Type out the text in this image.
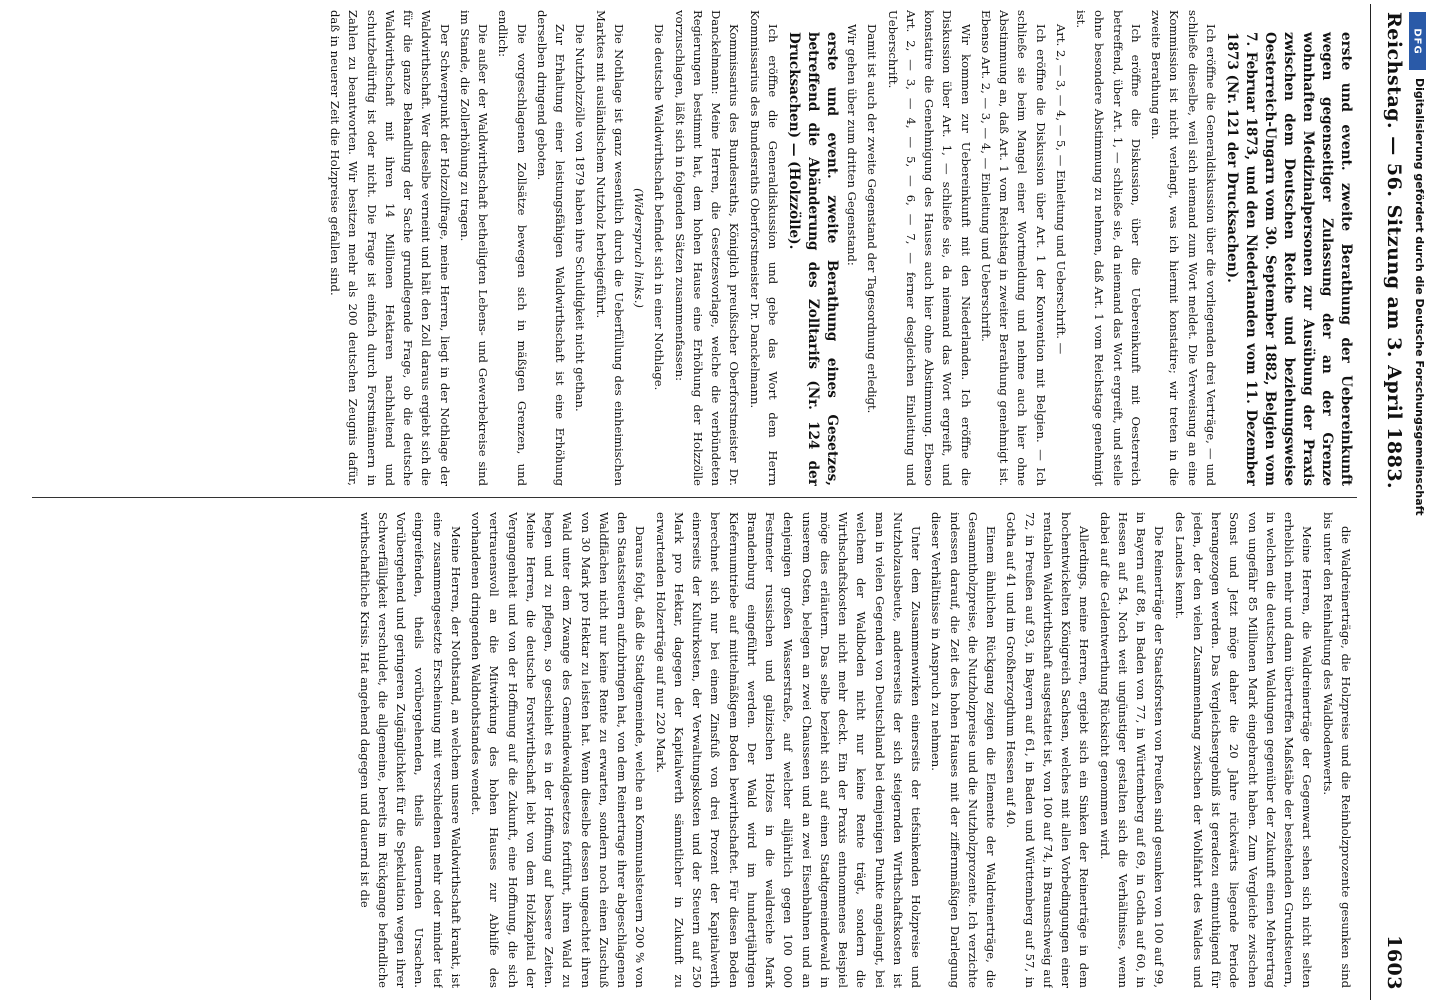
Reichstag. — 56. Sitzung am 3. April 1883.
1603

erste und event. zweite Berathung der Uebereinkunft wegen gegenseitiger Zulassung der an der Grenze wohnhaften Medizinalpersonen zur Ausübung der Praxis zwischen dem Deutschen Reiche und beziehungsweise Oesterreich-Ungarn vom 30. September 1882, Belgien vom 7. Februar 1873, und den Niederlanden vom 11. Dezember 1873 (Nr. 121 der Drucksachen).

Ich eröffne die Generaldiskussion über die vorliegenden drei Verträge, — und schließe dieselbe, weil sich niemand zum Wort meldet. Die Verweisung an eine Kommission ist nicht verlangt, was ich hiermit konstatire; wir treten in die zweite Berathung ein.

Ich eröffne die Diskussion, über die Uebereinkunft mit Oesterreich betreffend, über Art. 1, — schließe sie, da niemand das Wort ergreift, und stelle ohne besondere Abstimmung zu nehmen, daß Art. 1 vom Reichstage genehmigt ist.

Art. 2, — 3, — 4, — 5, — Einleitung und Ueberschrift. —

Ich eröffne die Diskussion über Art. 1 der Konvention mit Belgien. — Ich schließe sie beim Mangel einer Wortmeldung und nehme auch hier ohne Abstimmung an, daß Art. 1 vom Reichstag in zweiter Berathung genehmigt ist. Ebenso Art. 2, — 3, — 4, — Einleitung und Ueberschrift.

Wir kommen zur Uebereinkunft mit den Niederlanden. Ich eröffne die Diskussion über Art. 1, — schließe sie, da niemand das Wort ergreift, und konstatire die Genehmigung des Hauses auch hier ohne Abstimmung. Ebenso Art. 2, — 3, — 4, — 5, — 6, — 7, — ferner desgleichen Einleitung und Ueberschrift.

Damit ist auch der zweite Gegenstand der Tagesordnung erledigt.

Wir gehen über zum dritten Gegenstand:

erste und event. zweite Berathung eines Gesetzes, betreffend die Abänderung des Zolltarifs (Nr. 124 der Drucksachen) — (Holzzölle).

Ich eröffne die Generaldiskussion und gebe das Wort dem Herrn Kommissarius des Bundesraths Oberforstmeister Dr. Danckelmann.

Kommissarius des Bundesraths, Königlich preußischer Oberforstmeister Dr. Danckelmann: Meine Herren, die Gesetzesvorlage, welche die verbündeten Regierungen bestimmt hat, dem hohen Hause eine Erhöhung der Holzzölle vorzuschlagen, läßt sich in folgenden Sätzen zusammenfassen:

Die deutsche Waldwirthschaft befindet sich in einer Nothlage.

(Widerspruch links.)

Die Nothlage ist ganz wesentlich durch die Ueberfüllung des einheimischen Marktes mit ausländischem Nutzholz herbeigeführt.

Die Nutzholzzölle von 1879 haben ihre Schuldigkeit nicht gethan.

Zur Erhaltung einer leistungsfähigen Waldwirthschaft ist eine Erhöhung derselben dringend geboten.

Die vorgeschlagenen Zollsätze bewegen sich in mäßigen Grenzen, und endlich:

Die außer der Waldwirthschaft betheiligten Lebens- und Gewerbekreise sind im Stande, die Zollerhöhung zu tragen.

Der Schwerpunkt der Holzzollfrage, meine Herren, liegt in der Nothlage der Waldwirthschaft. Wer dieselbe verneint und hält den Zoll daraus ergiebt sich die für die ganze Behandlung der Sache grundlegende Frage, ob die deutsche Waldwirthschaft mit ihren 14 Millionen Hektaren nachhaltend und schutzbedürftig ist oder nicht. Die Frage ist einfach durch Forstmännern in Zahlen zu beantworten. Wir besitzen mehr als 200 deutschen Zeugnis dafür, daß in neuerer Zeit die Holzpreise gefallen sind.

die Waldreinerträge, die Holzpreise und die Reinholzprozente gesunken sind bis unter den Reinhaltung des Waldbodenwerts.

Meine Herren, die Waldreinerträge der Gegenwart sehen sich nicht selten erheblich mehr und dann übertreffen Maßstäbe der bestehenden Grundsteuern, in welchen die deutschen Waldungen gegenüber der Zukunft einen Mehrertrag von ungefähr 85 Millionen Mark eingebracht haben. Zum Vergleiche zwischen Sonst und Jetzt möge daher die 20 Jahre rückwärts liegende Periode herangezogen werden. Das Vergleichsergebniß ist geradezu entmuthigend für jeden, der den vielen Zusammenhang zwischen der Wohlfahrt des Waldes und des Landes kennt.

Die Reinerträge der Staatsforsten von Preußen sind gesunken von 100 auf 99, in Bayern auf 88, in Baden von 77, in Württemberg auf 69, in Gotha auf 60, in Hessen auf 54. Noch weit ungünstiger gestalten sich die Verhältnisse, wenn dabei auf die Geldentwerthung Rücksicht genommen wird.

Allerdings, meine Herren, ergiebt sich ein Sinken der Reinerträge in dem hochentwickelten Königreich Sachsen, welches mit allen Vorbedingungen einer rentablen Waldwirthschaft ausgestattet ist, von 100 auf 74, in Braunschweig auf 72, in Preußen auf 93, in Bayern auf 61, in Baden und Württemberg auf 57, in Gotha auf 41 und im Großherzogthum Hessen auf 40.

Einem ähnlichen Rückgang zeigen die Elemente der Waldreinerträge, die Gesammtholzpreise, die Nutzholzpreise und die Nutzholzprozente. Ich verzichte indessen darauf, die Zeit des hohen Hauses mit der ziffernmäßigen Darlegung dieser Verhältnisse in Anspruch zu nehmen.

Unter dem Zusammenwirken einerseits der tiefsinkenden Holzpreise und Nutzholzausbeute, andererseits der sich steigernden Wirthschaftskosten ist man in vielen Gegenden von Deutschland bei demjenigen Punkte angelangt, bei welchem der Waldboden nicht nur keine Rente trägt, sondern die Wirthschaftskosten nicht mehr deckt. Ein der Praxis entnommenes Beispiel möge dies erläutern. Das selbe bezieht sich auf einen Stadtgemeindewald in unserem Osten, belegen an zwei Chausseen und an zwei Eisenbahnen und an denjenigen großen Wasserstraße, auf welcher alljährlich gegen 100 000 Festmeter russischen und galizischen Holzes in die waldreiche Mark Brandenburg eingeführt werden. Der Wald wird im hundertjährigen Kiefernumtriebe auf mittelmäßigem Boden bewirthschaftet. Für diesen Boden berechnet sich nur bei einem Zinsfuß von drei Prozent der Kapitalwerth einerseits der Kulturkosten, der Verwaltungskosten und der Steuern auf 250 Mark pro Hektar, dagegen der Kapitalwerth sämmtlicher in Zukunft zu erwartenden Holzerträge auf nur 220 Mark.

Daraus folgt, daß die Stadtgemeinde, welche an Kommunalsteuern 200 % von den Staatssteuern aufzubringen hat, von dem Reinertrage ihrer abgeschlagenen Waldflächen nicht nur keine Rente zu erwarten, sondern noch einen Zuschuß von 30 Mark pro Hektar zu leisten hat. Wenn dieselbe dessen ungeachtet ihren Wald unter dem Zwange des Gemeindewaldgesetzes fortführt, ihren Wald zu hegen und zu pflegen, so geschieht es in der Hoffnung auf bessere Zeiten. Meine Herren, die deutsche Forstwirthschaft lebt von dem Holzkapital der Vergangenheit und von der Hoffnung auf die Zukunft, eine Hoffnung, die sich vertrauensvoll an die Mitwirkung des hohen Hauses zur Abhilfe des vorhandenen dringenden Waldnothstandes wendet.

Meine Herren, der Nothstand, an welchem unsere Waldwirthschaft krankt, ist eine zusammengesetzte Erscheinung mit verschiedenen mehr oder minder tief eingreifenden, theils vorübergehenden, theils dauernden Ursachen. Vorübergehend und geringeren Zugänglichkeit für die Spekulation wegen ihrer Schwerfälligkeit verschuldet, die allgemeine, bereits im Rückgange befindliche wirthschaftliche Krisis. Hat angehend dagegen und dauernd ist die

Digitalisierung gefördert durch die Deutsche Forschungsgemeinschaft
DFG
